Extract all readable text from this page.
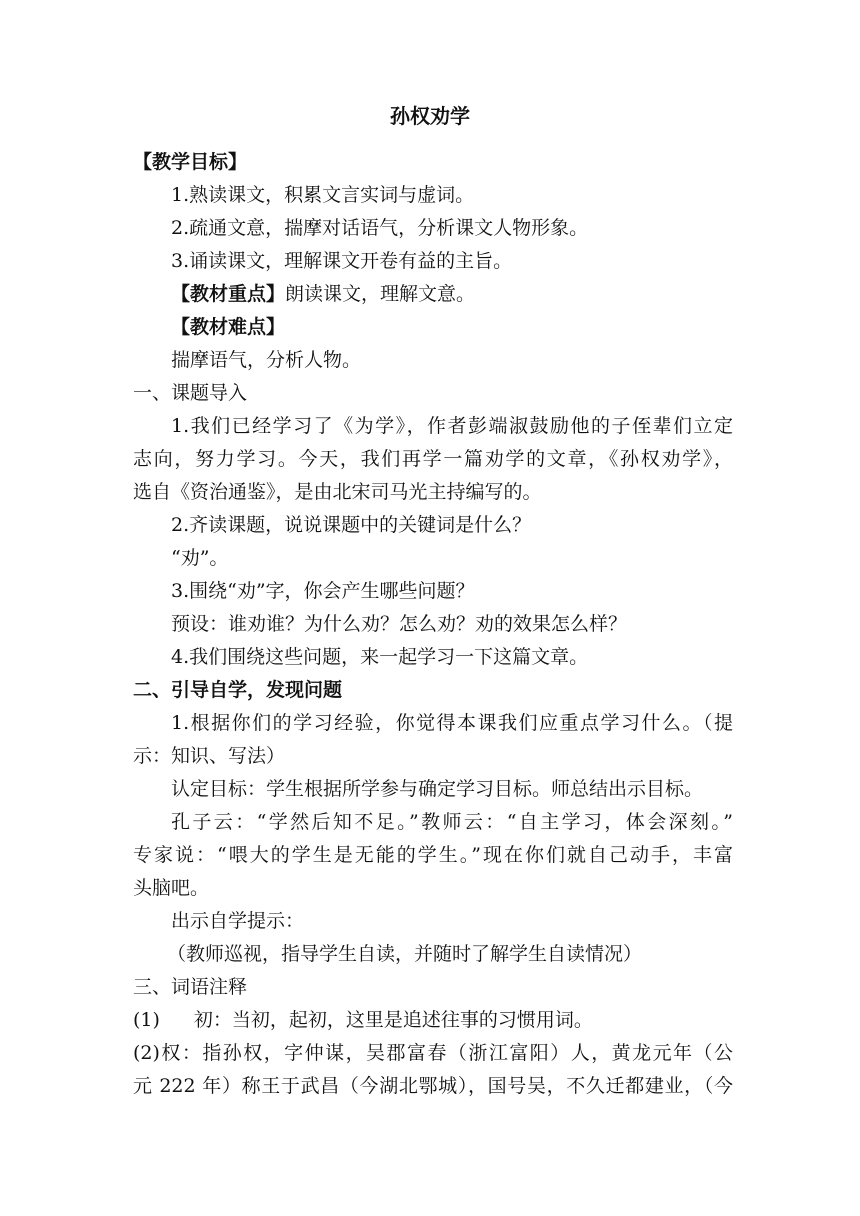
孙权劝学
【教学目标】
1.熟读课文，积累文言实词与虚词。
2.疏通文意，揣摩对话语气，分析课文人物形象。
3.诵读课文，理解课文开卷有益的主旨。
【教材重点】朗读课文，理解文意。
【教材难点】
揣摩语气，分析人物。
一、课题导入
1.我们已经学习了《为学》，作者彭端淑鼓励他的子侄辈们立定
志向，努力学习。今天，我们再学一篇劝学的文章，《孙权劝学》，
选自《资治通鉴》，是由北宋司马光主持编写的。
2.齐读课题，说说课题中的关键词是什么？
“劝”。
3.围绕“劝”字，你会产生哪些问题？
预设：谁劝谁？为什么劝？怎么劝？劝的效果怎么样？
4.我们围绕这些问题，来一起学习一下这篇文章。
二、引导自学，发现问题
1.根据你们的学习经验，你觉得本课我们应重点学习什么。（提
示：知识、写法）
认定目标：学生根据所学参与确定学习目标。师总结出示目标。
孔子云：“学然后知不足。”教师云：“自主学习，体会深刻。”
专家说：“喂大的学生是无能的学生。”现在你们就自己动手，丰富
头脑吧。
出示自学提示：
（教师巡视，指导学生自读，并随时了解学生自读情况）
三、词语注释
(1) 初：当初，起初，这里是追述往事的习惯用词。
(2)权：指孙权，字仲谋，吴郡富春（浙江富阳）人，黄龙元年（公
元 222 年）称王于武昌（今湖北鄂城），国号吴，不久迁都建业，（今
